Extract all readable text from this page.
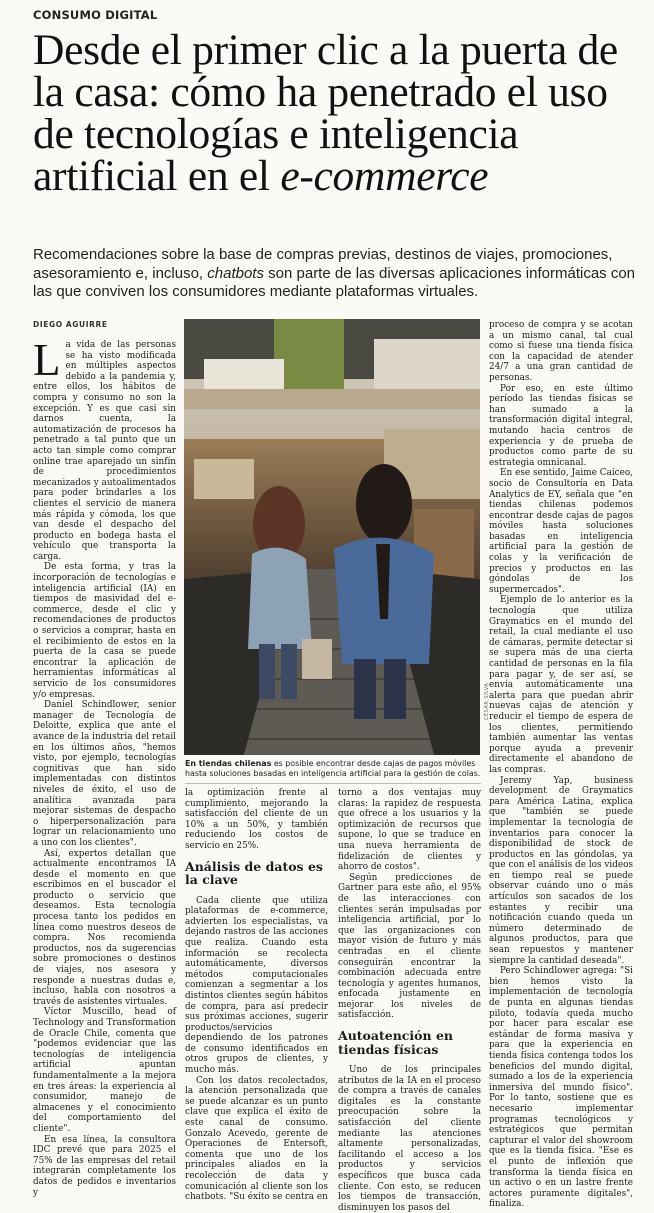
CONSUMO DIGITAL
Desde el primer clic a la puerta de la casa: cómo ha penetrado el uso de tecnologías e inteligencia artificial en el e-commerce

Recomendaciones sobre la base de compras previas, destinos de viajes, promociones, asesoramiento e, incluso, chatbots son parte de las diversas aplicaciones informáticas con las que conviven los consumidores mediante plataformas virtuales.

DIEGO AGUIRRE

La vida de las personas se ha visto modificada en múltiples aspectos debido a la pandemia y, entre ellos, los hábitos de compra y consumo no son la excepción. Y es que casi sin darnos cuenta, la automatización de procesos ha penetrado a tal punto que un acto tan simple como comprar online trae aparejado un sinfín de procedimientos mecanizados y autoalimentados para poder brindarles a los clientes el servicio de manera más rápida y cómoda, los que van desde el despacho del producto en bodega hasta el vehículo que transporta la carga.

De esta forma, y tras la incorporación de tecnologías e inteligencia artificial (IA) en tiempos de masividad del e-commerce, desde el clic y recomendaciones de productos o servicios a comprar, hasta en el recibimiento de estos en la puerta de la casa se puede encontrar la aplicación de herramientas informáticas al servicio de los consumidores y/o empresas.

Daniel Schindlower, senior manager de Tecnología de Deloitte, explica que ante el avance de la industria del retail en los últimos años, "hemos visto, por ejemplo, tecnologías cognitivas que han sido implementadas con distintos niveles de éxito, el uso de analítica avanzada para mejorar sistemas de despacho o hiperpersonalización para lograr un relacionamiento uno a uno con los clientes".

Así, expertos detallan que actualmente encontramos IA desde el momento en que escribimos en el buscador el producto o servicio que deseamos. Esta tecnología procesa tanto los pedidos en línea como nuestros deseos de compra. Nos recomienda productos, nos da sugerencias sobre promociones o destinos de viajes, nos asesora y responde a nuestras dudas e, incluso, habla con nosotros a través de asistentes virtuales.

Víctor Muscillo, head of Technology and Transformation de Oracle Chile, comenta que "podemos evidenciar que las tecnologías de inteligencia artificial apuntan fundamentalmente a la mejora en tres áreas: la experiencia al consumidor, manejo de almacenes y el conocimiento del comportamiento del cliente".

En esa línea, la consultora IDC prevé que para 2025 el 75% de las empresas del retail integrarán completamente los datos de pedidos e inventarios y

CÉSAR SILVA
En tiendas chilenas es posible encontrar desde cajas de pagos móviles hasta soluciones basadas en inteligencia artificial para la gestión de colas.

la optimización frente al cumplimiento, mejorando la satisfacción del cliente de un 10% a un 50%, y también reduciendo los costos de servicio en 25%.

Análisis de datos es la clave

Cada cliente que utiliza plataformas de e-commerce, advierten los especialistas, va dejando rastros de las acciones que realiza. Cuando esta información se recolecta automáticamente, diversos métodos computacionales comienzan a segmentar a los distintos clientes según hábitos de compra, para así predecir sus próximas acciones, sugerir productos/servicios dependiendo de los patrones de consumo identificados en otros grupos de clientes, y mucho más.

Con los datos recolectados, la atención personalizada que se puede alcanzar es un punto clave que explica el éxito de este canal de consumo. Gonzalo Acevedo, gerente de Operaciones de Entersoft, comenta que uno de los principales aliados en la recolección de data y comunicación al cliente son los chatbots. "Su éxito se centra en

torno a dos ventajas muy claras: la rapidez de respuesta que ofrece a los usuarios y la optimización de recursos que supone, lo que se traduce en una nueva herramienta de fidelización de clientes y ahorro de costos".

Según predicciones de Gartner para este año, el 95% de las interacciones con clientes serán impulsadas por inteligencia artificial, por lo que las organizaciones con mayor visión de futuro y más centradas en el cliente conseguirán encontrar la combinación adecuada entre tecnología y agentes humanos, enfocada justamente en mejorar los niveles de satisfacción.

Autoatención en tiendas físicas

Uno de los principales atributos de la IA en el proceso de compra a través de canales digitales es la constante preocupación sobre la satisfacción del cliente mediante las atenciones altamente personalizadas, facilitando el acceso a los productos y servicios específicos que busca cada cliente. Con esto, se reducen los tiempos de transacción, disminuyen los pasos del

proceso de compra y se acotan a un mismo canal, tal cual como si fuese una tienda física con la capacidad de atender 24/7 a una gran cantidad de personas.

Por eso, en este último período las tiendas físicas se han sumado a la transformación digital integral, mutando hacia centros de experiencia y de prueba de productos como parte de su estrategia omnicanal.

En ese sentido, Jaime Caiceo, socio de Consultoría en Data Analytics de EY, señala que "en tiendas chilenas podemos encontrar desde cajas de pagos móviles hasta soluciones basadas en inteligencia artificial para la gestión de colas y la verificación de precios y productos en las góndolas de los supermercados".

Ejemplo de lo anterior es la tecnología que utiliza Graymatics en el mundo del retail, la cual mediante el uso de cámaras, permite detectar si se supera más de una cierta cantidad de personas en la fila para pagar y, de ser así, se envía automáticamente una alerta para que puedan abrir nuevas cajas de atención y reducir el tiempo de espera de los clientes, permitiendo también aumentar las ventas porque ayuda a prevenir directamente el abandono de las compras.

Jeremy Yap, business development de Graymatics para América Latina, explica que "también se puede implementar la tecnología de inventarios para conocer la disponibilidad de stock de productos en las góndolas, ya que con el análisis de los videos en tiempo real se puede observar cuándo uno o más artículos son sacados de los estantes y recibir una notificación cuando queda un número determinado de algunos productos, para que sean repuestos y mantener siempre la cantidad deseada".

Pero Schindlower agrega: "Si bien hemos visto la implementación de tecnología de punta en algunas tiendas piloto, todavía queda mucho por hacer para escalar ese estándar de forma masiva y para que la experiencia en tienda física contenga todos los beneficios del mundo digital, sumado a los de la experiencia inmersiva del mundo físico". Por lo tanto, sostiene que es necesario implementar programas tecnológicos y estratégicos que permitan capturar el valor del showroom que es la tienda física. "Ese es el punto de inflexión que transforma la tienda física en un activo o en un lastre frente actores puramente digitales", finaliza.
